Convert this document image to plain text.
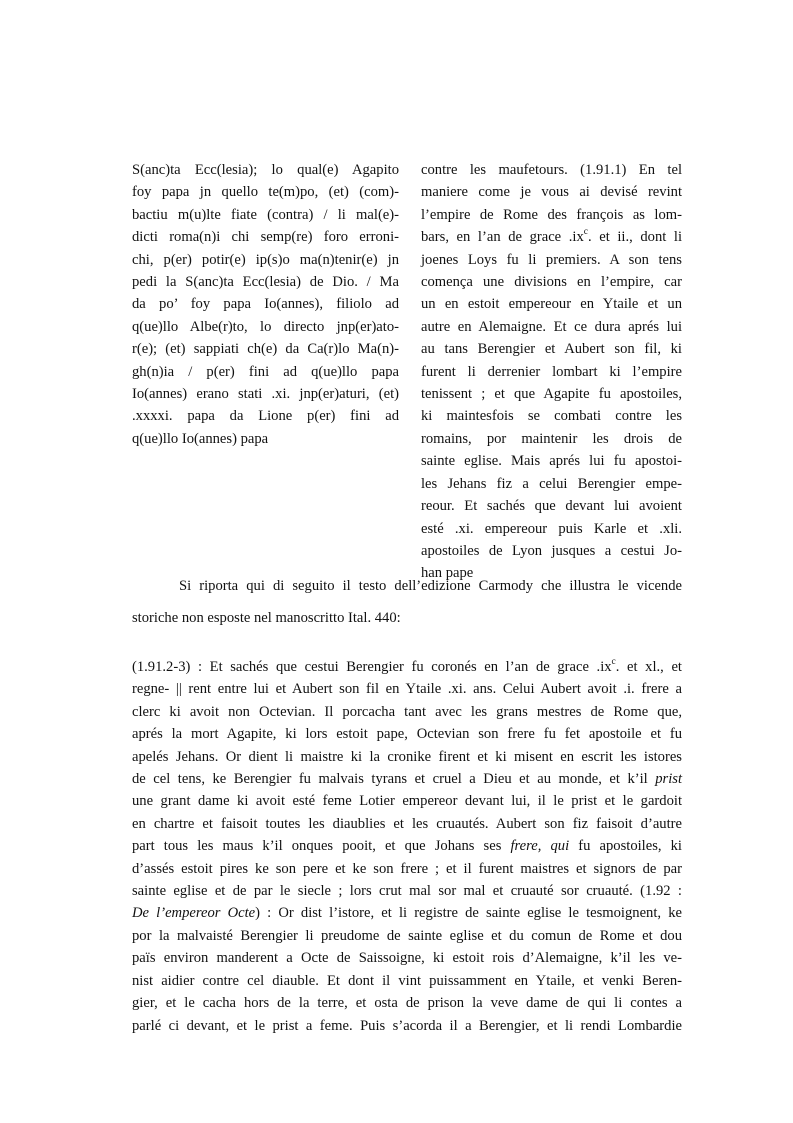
S(anc)ta Ecc(lesia); lo qual(e) Agapito
foy papa jn quello te(m)po, (et) (com)-
bactiu m(u)lte fiate (contra) / li mal(e)-
dicti roma(n)i chi semp(re) foro erroni-
chi, p(er) potir(e) ip(s)o ma(n)tenir(e) jn
pedi la S(anc)ta Ecc(lesia) de Dio. / Ma
da po’ foy papa Io(annes), filiolo ad
q(ue)llo Albe(r)to, lo directo jnp(er)ato-
r(e); (et) sappiati ch(e) da Ca(r)lo Ma(n)-
gh(n)ia / p(er) fini ad q(ue)llo papa
Io(annes) erano stati .xi. jnp(er)aturi, (et)
.xxxxi. papa da Lione p(er) fini ad
q(ue)llo Io(annes) papa
contre les maufetours. (1.91.1) En tel
maniere come je vous ai devisé revint
l’empire de Rome des françois as lom-
bars, en l’an de grace $.ix^c$. et ii., dont li
joenes Loys fu li premiers. A son tens
comença une divisions en l’empire, car
un en estoit empereour en Ytaile et un
autre en Alemaigne. Et ce dura aprés lui
au tans Berengier et Aubert son fil, ki
furent li derrenier lombart ki l’empire
tenissent ; et que Agapite fu apostoiles,
ki maintesfois se combati contre les
romains, por maintenir les drois de
sainte eglise. Mais aprés lui fu apostoi-
les Jehans fiz a celui Berengier empe-
reour. Et sachés que devant lui avoient
esté .xi. empereour puis Karle et .xli.
apostoiles de Lyon jusques a cestui Jo-
han pape
Si riporta qui di seguito il testo dell’edizione Carmody che illustra le vicende
storiche non esposte nel manoscritto Ital. 440:
(1.91.2-3) : Et sachés que cestui Berengier fu coronés en l’an de grace $.ix^c$. et xl., et
regne- || rent entre lui et Aubert son fil en Ytaile .xi. ans. Celui Aubert avoit .i. frere a
clerc ki avoit non Octevian. Il porcacha tant avec les grans mestres de Rome que,
aprés la mort Agapite, ki lors estoit pape, Octevian son frere fu fet apostoile et fu
apelés Jehans. Or dient li maistre ki la cronike firent et ki misent en escrit les istores
de cel tens, ke Berengier fu malvais tyrans et cruel a Dieu et au monde, et k’il prist
une grant dame ki avoit esté feme Lotier empereor devant lui, il le prist et le gardoit
en chartre et faisoit toutes les diaublies et les cruautés. Aubert son fiz faisoit d’autre
part tous les maus k’il onques pooit, et que Johans ses frere, qui fu apostoiles, ki
d’assés estoit pires ke son pere et ke son frere ; et il furent maistres et signors de par
sainte eglise et de par le siecle ; lors crut mal sor mal et cruauté sor cruauté. (1.92 :
De l’empereor Octe) : Or dist l’istore, et li registre de sainte eglise le tesmoignent, ke
por la malvaisté Berengier li preudome de sainte eglise et du comun de Rome et dou
païs environ manderent a Octe de Saissoigne, ki estoit rois d’Alemaigne, k’il les ve-
nist aidier contre cel diauble. Et dont il vint puissamment en Ytaile, et venki Beren-
gier, et le cacha hors de la terre, et osta de prison la veve dame de qui li contes a
parlé ci devant, et le prist a feme. Puis s’acorda il a Berengier, et li rendi Lombardie
